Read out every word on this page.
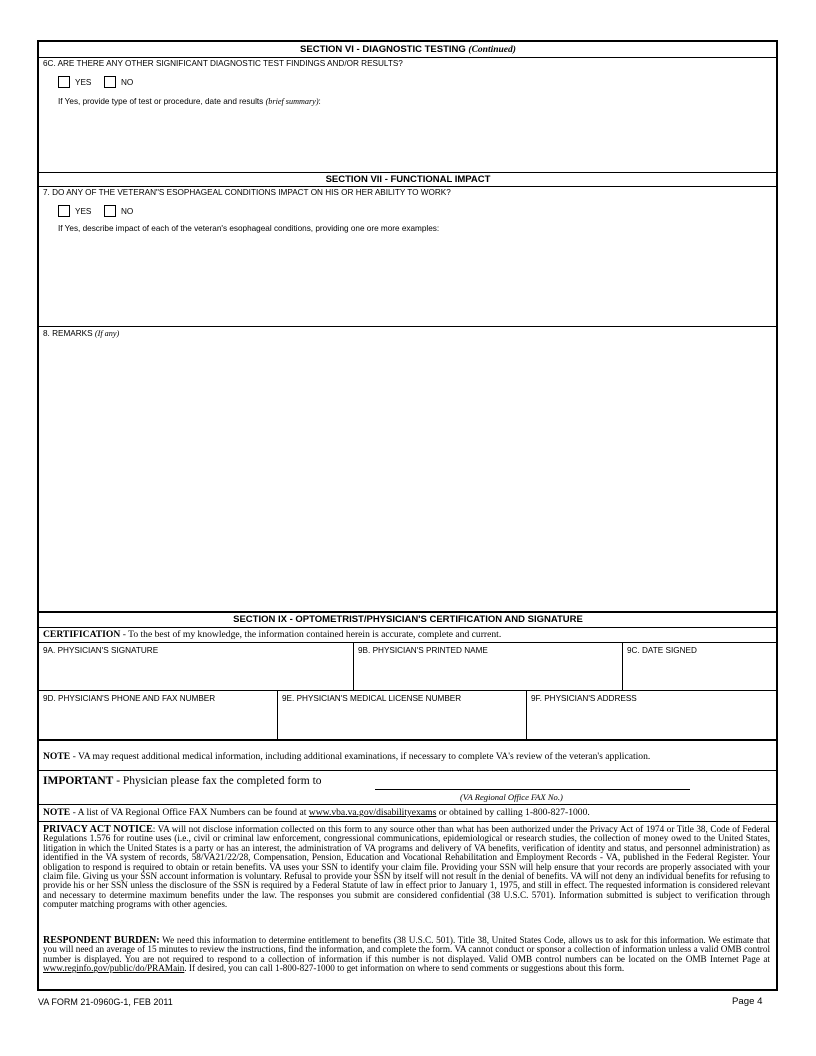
SECTION VI - DIAGNOSTIC TESTING (Continued)
6C. ARE THERE ANY OTHER SIGNIFICANT DIAGNOSTIC TEST FINDINGS AND/OR RESULTS?
YES	NO
If Yes, provide type of test or procedure, date and results (brief summary):
SECTION VII - FUNCTIONAL IMPACT
7. DO ANY OF THE VETERAN"S ESOPHAGEAL CONDITIONS IMPACT ON HIS OR HER ABILITY TO WORK?
YES	NO
If Yes, describe impact of each of the veteran's esophageal conditions, providing one ore more examples:
8. REMARKS (If any)
SECTION IX - OPTOMETRIST/PHYSICIAN'S CERTIFICATION AND SIGNATURE
CERTIFICATION - To the best of my knowledge, the information contained herein is accurate, complete and current.
9A. PHYSICIAN'S SIGNATURE	9B. PHYSICIAN'S PRINTED NAME	9C. DATE SIGNED
9D. PHYSICIAN'S PHONE AND FAX NUMBER	9E. PHYSICIAN'S MEDICAL LICENSE NUMBER	9F. PHYSICIAN'S ADDRESS
NOTE - VA may request additional medical information, including additional examinations, if necessary to complete VA's review of the veteran's application.
IMPORTANT - Physician please fax the completed form to
(VA Regional Office FAX No.)
NOTE - A list of VA Regional Office FAX Numbers can be found at www.vba.va.gov/disabilityexams or obtained by calling 1-800-827-1000.
PRIVACY ACT NOTICE: VA will not disclose information collected on this form to any source other than what has been authorized under the Privacy Act of 1974 or Title 38, Code of Federal Regulations 1.576 for routine uses (i.e., civil or criminal law enforcement, congressional communications, epidemiological or research studies, the collection of money owed to the United States, litigation in which the United States is a party or has an interest, the administration of VA programs and delivery of VA benefits, verification of identity and status, and personnel administration) as identified in the VA system of records, 58/VA21/22/28, Compensation, Pension, Education and Vocational Rehabilitation and Employment Records - VA, published in the Federal Register. Your obligation to respond is required to obtain or retain benefits. VA uses your SSN to identify your claim file. Providing your SSN will help ensure that your records are properly associated with your claim file. Giving us your SSN account information is voluntary. Refusal to provide your SSN by itself will not result in the denial of benefits. VA will not deny an individual benefits for refusing to provide his or her SSN unless the disclosure of the SSN is required by a Federal Statute of law in effect prior to January 1, 1975, and still in effect. The requested information is considered relevant and necessary to determine maximum benefits under the law. The responses you submit are considered confidential (38 U.S.C. 5701). Information submitted is subject to verification through computer matching programs with other agencies.
RESPONDENT BURDEN: We need this information to determine entitlement to benefits (38 U.S.C. 501). Title 38, United States Code, allows us to ask for this information. We estimate that you will need an average of 15 minutes to review the instructions, find the information, and complete the form. VA cannot conduct or sponsor a collection of information unless a valid OMB control number is displayed. You are not required to respond to a collection of information if this number is not displayed. Valid OMB control numbers can be located on the OMB Internet Page at www.reginfo.gov/public/do/PRAMain. If desired, you can call 1-800-827-1000 to get information on where to send comments or suggestions about this form.
VA FORM 21-0960G-1, FEB 2011	Page 4
